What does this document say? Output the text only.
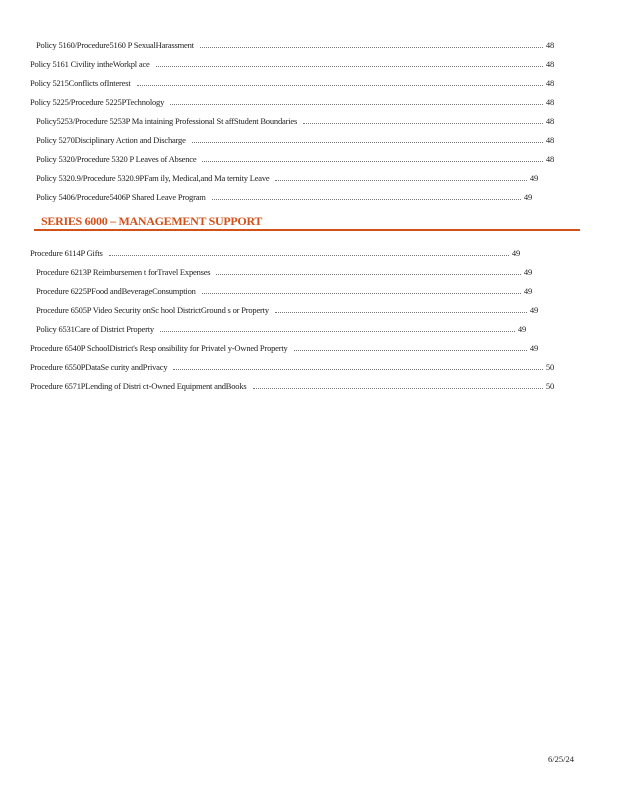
Policy 5160/Procedure5160 P SexualHarassment	48
Policy 5161 Civility intheWorkpl ace	48
Policy 5215Conflicts ofInterest	48
Policy 5225/Procedure 5225PTechnology	48
Policy5253/Procedure 5253P Ma intaining Professional St affStudent Boundaries	48
Policy 5270Disciplinary Action and Discharge	48
Policy 5320/Procedure 5320 P Leaves of Absence	48
Policy 5320.9/Procedure 5320.9PFam ily, Medical,and Ma ternity Leave	49
Policy 5406/Procedure5406P Shared Leave Program	49
SERIES 6000 – MANAGEMENT SUPPORT
Procedure 6114P Gifts	49
Procedure 6213P Reimbursemen t forTravel Expenses	49
Procedure 6225PFood andBeverageConsumption	49
Procedure 6505P Video Security onSc hool DistrictGround s or Property	49
Policy 6531Care of District Property	49
Procedure 6540P SchoolDistrict's Resp onsibility for Privatel y-Owned Property	49
Procedure 6550PDataSe curity andPrivacy	50
Procedure 6571PLending of Distri ct-Owned Equipment andBooks	50
6/25/24
